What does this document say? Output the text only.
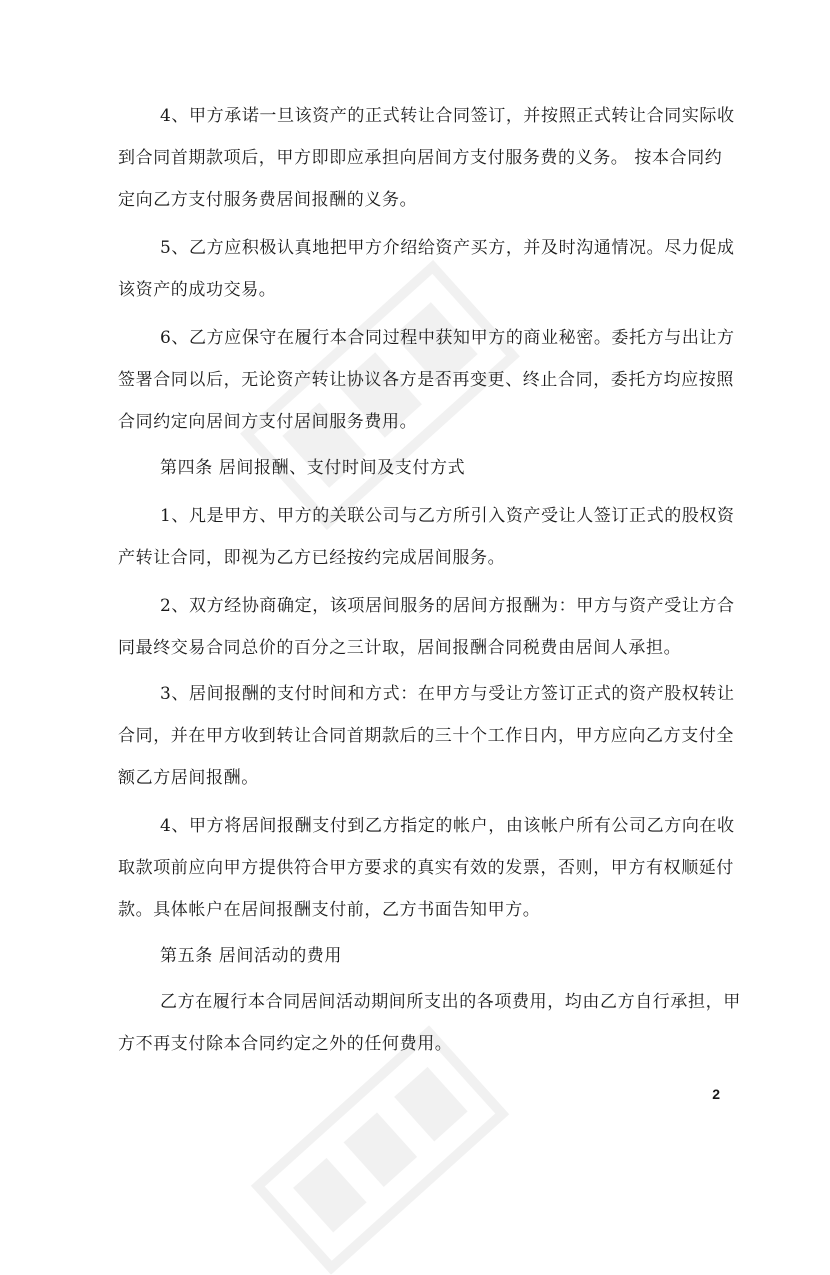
4、甲方承诺一旦该资产的正式转让合同签订，并按照正式转让合同实际收
到合同首期款项后，甲方即即应承担向居间方支付服务费的义务。 按本合同约
定向乙方支付服务费居间报酬的义务。
5、乙方应积极认真地把甲方介绍给资产买方，并及时沟通情况。尽力促成
该资产的成功交易。
6、乙方应保守在履行本合同过程中获知甲方的商业秘密。委托方与出让方
签署合同以后，无论资产转让协议各方是否再变更、终止合同，委托方均应按照
合同约定向居间方支付居间服务费用。
第四条 居间报酬、支付时间及支付方式
1、凡是甲方、甲方的关联公司与乙方所引入资产受让人签订正式的股权资
产转让合同，即视为乙方已经按约完成居间服务。
2、双方经协商确定，该项居间服务的居间方报酬为：甲方与资产受让方合
同最终交易合同总价的百分之三计取，居间报酬合同税费由居间人承担。
3、居间报酬的支付时间和方式：在甲方与受让方签订正式的资产股权转让
合同，并在甲方收到转让合同首期款后的三十个工作日内，甲方应向乙方支付全
额乙方居间报酬。
4、甲方将居间报酬支付到乙方指定的帐户，由该帐户所有公司乙方向在收
取款项前应向甲方提供符合甲方要求的真实有效的发票，否则，甲方有权顺延付
款。具体帐户在居间报酬支付前，乙方书面告知甲方。
第五条 居间活动的费用
乙方在履行本合同居间活动期间所支出的各项费用，均由乙方自行承担，甲
方不再支付除本合同约定之外的任何费用。
2
